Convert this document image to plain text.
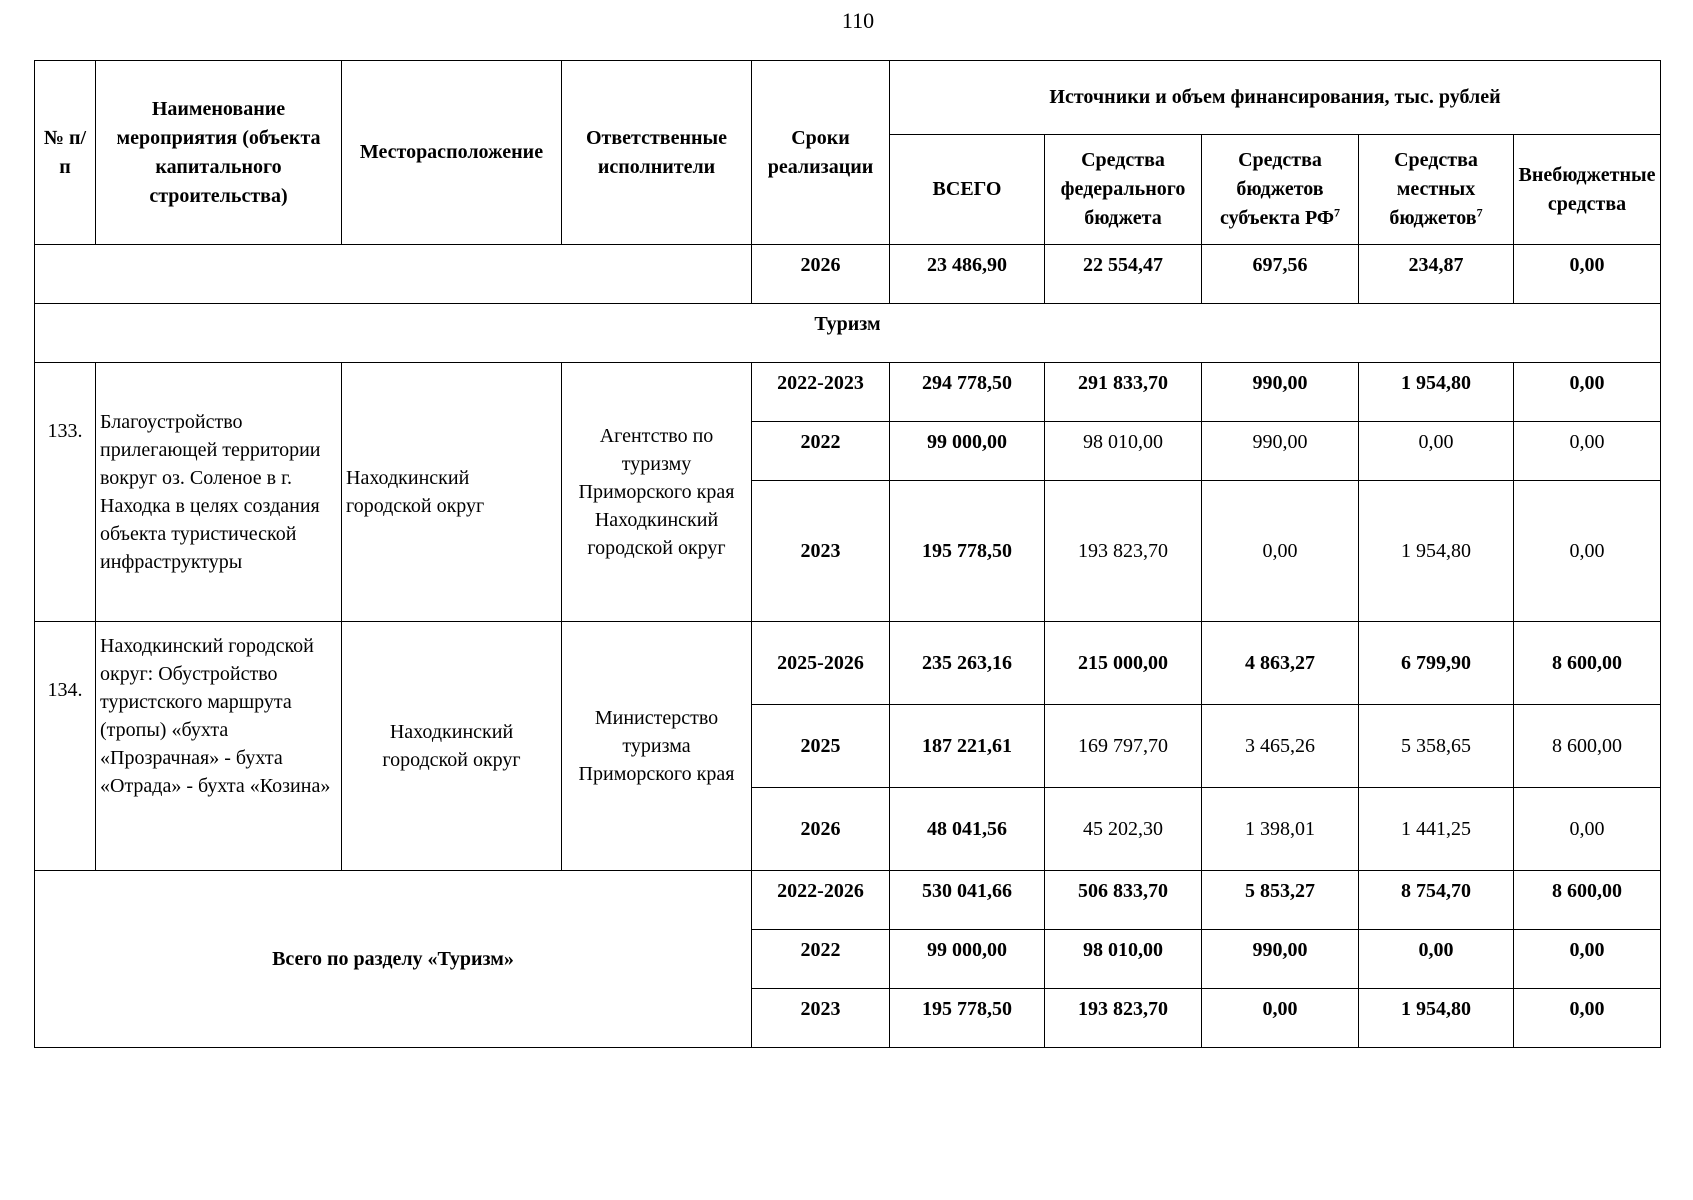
110
№ п/п	Наименование мероприятия (объекта капитального строительства)	Месторасположение	Ответственные исполнители	Сроки реализации	Источники и объем финансирования, тыс. рублей				
					ВСЕГО	Средства федерального бюджета	Средства бюджетов субъекта $РФ^7$	Средства местных бюджетов$^7$	Внебюджетные средства
				2026	23 486,90	22 554,47	697,56	234,87	0,00
Туризм									
133.	Благоустройство прилегающей территории вокруг оз. Соленое в г. Находка в целях создания объекта туристической инфраструктуры	Находкинский городской округ	Агентство по туризму Приморского края Находкинский городской округ	2022-2023	294 778,50	291 833,70	990,00	1 954,80	0,00
				2022	99 000,00	98 010,00	990,00	0,00	0,00
				2023	195 778,50	193 823,70	0,00	1 954,80	0,00
134.	Находкинский городской округ: Обустройство туристского маршрута (тропы) «бухта «Прозрачная» - бухта «Отрада» - бухта «Козина»	Находкинский городской округ	Министерство туризма Приморского края	2025-2026	235 263,16	215 000,00	4 863,27	6 799,90	8 600,00
				2025	187 221,61	169 797,70	3 465,26	5 358,65	8 600,00
				2026	48 041,56	45 202,30	1 398,01	1 441,25	0,00
Всего по разделу «Туризм»				2022-2026	530 041,66	506 833,70	5 853,27	8 754,70	8 600,00
				2022	99 000,00	98 010,00	990,00	0,00	0,00
				2023	195 778,50	193 823,70	0,00	1 954,80	0,00
